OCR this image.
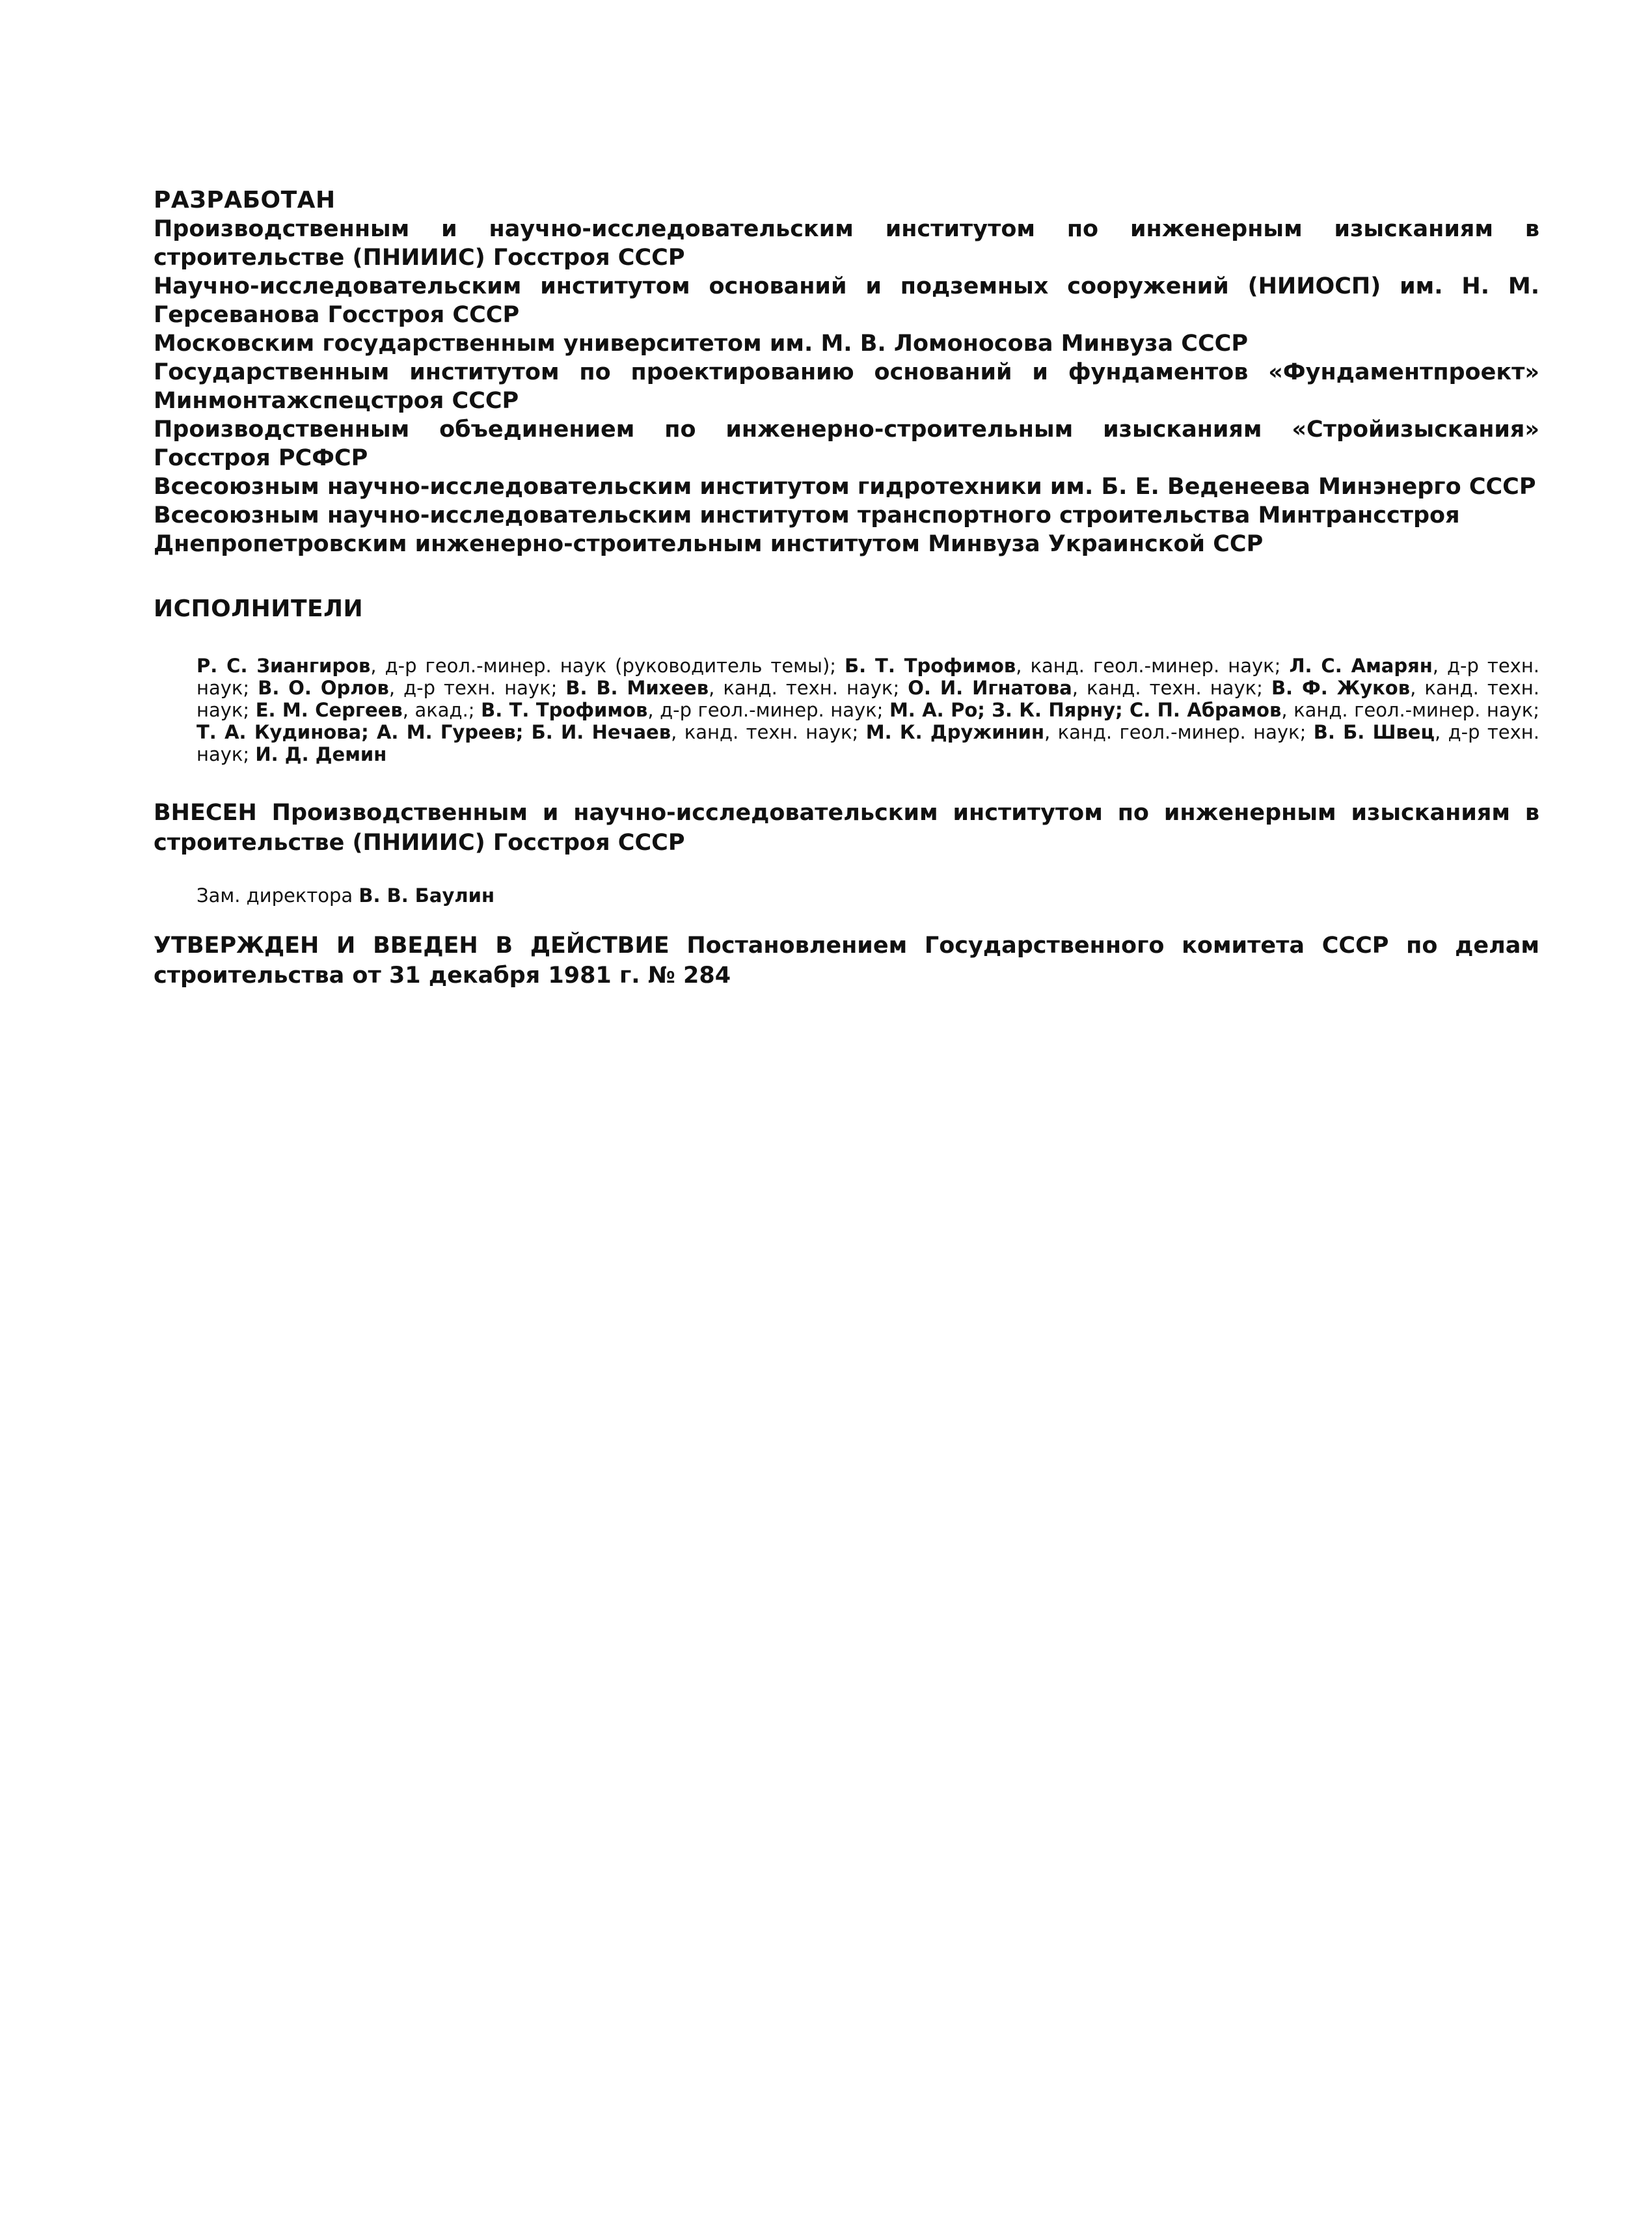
РАЗРАБОТАН
Производственным и научно-исследовательским институтом по инженерным изысканиям в строительстве (ПНИИИС) Госстроя СССР
Научно-исследовательским институтом оснований и подземных сооружений (НИИОСП) им. Н. М. Герсеванова Госстроя СССР
Московским государственным университетом им. М. В. Ломоносова Минвуза СССР
Государственным институтом по проектированию оснований и фундаментов «Фундаментпроект» Минмонтажспецстроя СССР
Производственным объединением по инженерно-строительным изысканиям «Стройизыскания» Госстроя РСФСР
Всесоюзным научно-исследовательским институтом гидротехники им. Б. Е. Веденеева Минэнерго СССР
Всесоюзным научно-исследовательским институтом транспортного строительства Минтрансстроя
Днепропетровским инженерно-строительным институтом Минвуза Украинской ССР
ИСПОЛНИТЕЛИ

Р. С. Зиангиров, д-р геол.-минер. наук (руководитель темы); Б. Т. Трофимов, канд. геол.-минер. наук; Л. С. Амарян, д-р техн. наук; В. О. Орлов, д-р техн. наук; В. В. Михеев, канд. техн. наук; О. И. Игнатова, канд. техн. наук; В. Ф. Жуков, канд. техн. наук; Е. М. Сергеев, акад.; В. Т. Трофимов, д-р геол.-минер. наук; М. А. Ро; З. К. Пярну; С. П. Абрамов, канд. геол.-минер. наук; Т. А. Кудинова; А. М. Гуреев; Б. И. Нечаев, канд. техн. наук; М. К. Дружинин, канд. геол.-минер. наук; В. Б. Швец, д-р техн. наук; И. Д. Демин

ВНЕСЕН Производственным и научно-исследовательским институтом по инженерным изысканиям в строительстве (ПНИИИС) Госстроя СССР

Зам. директора В. В. Баулин

УТВЕРЖДЕН И ВВЕДЕН В ДЕЙСТВИЕ Постановлением Государственного комитета СССР по делам строительства от 31 декабря 1981 г. № 284
